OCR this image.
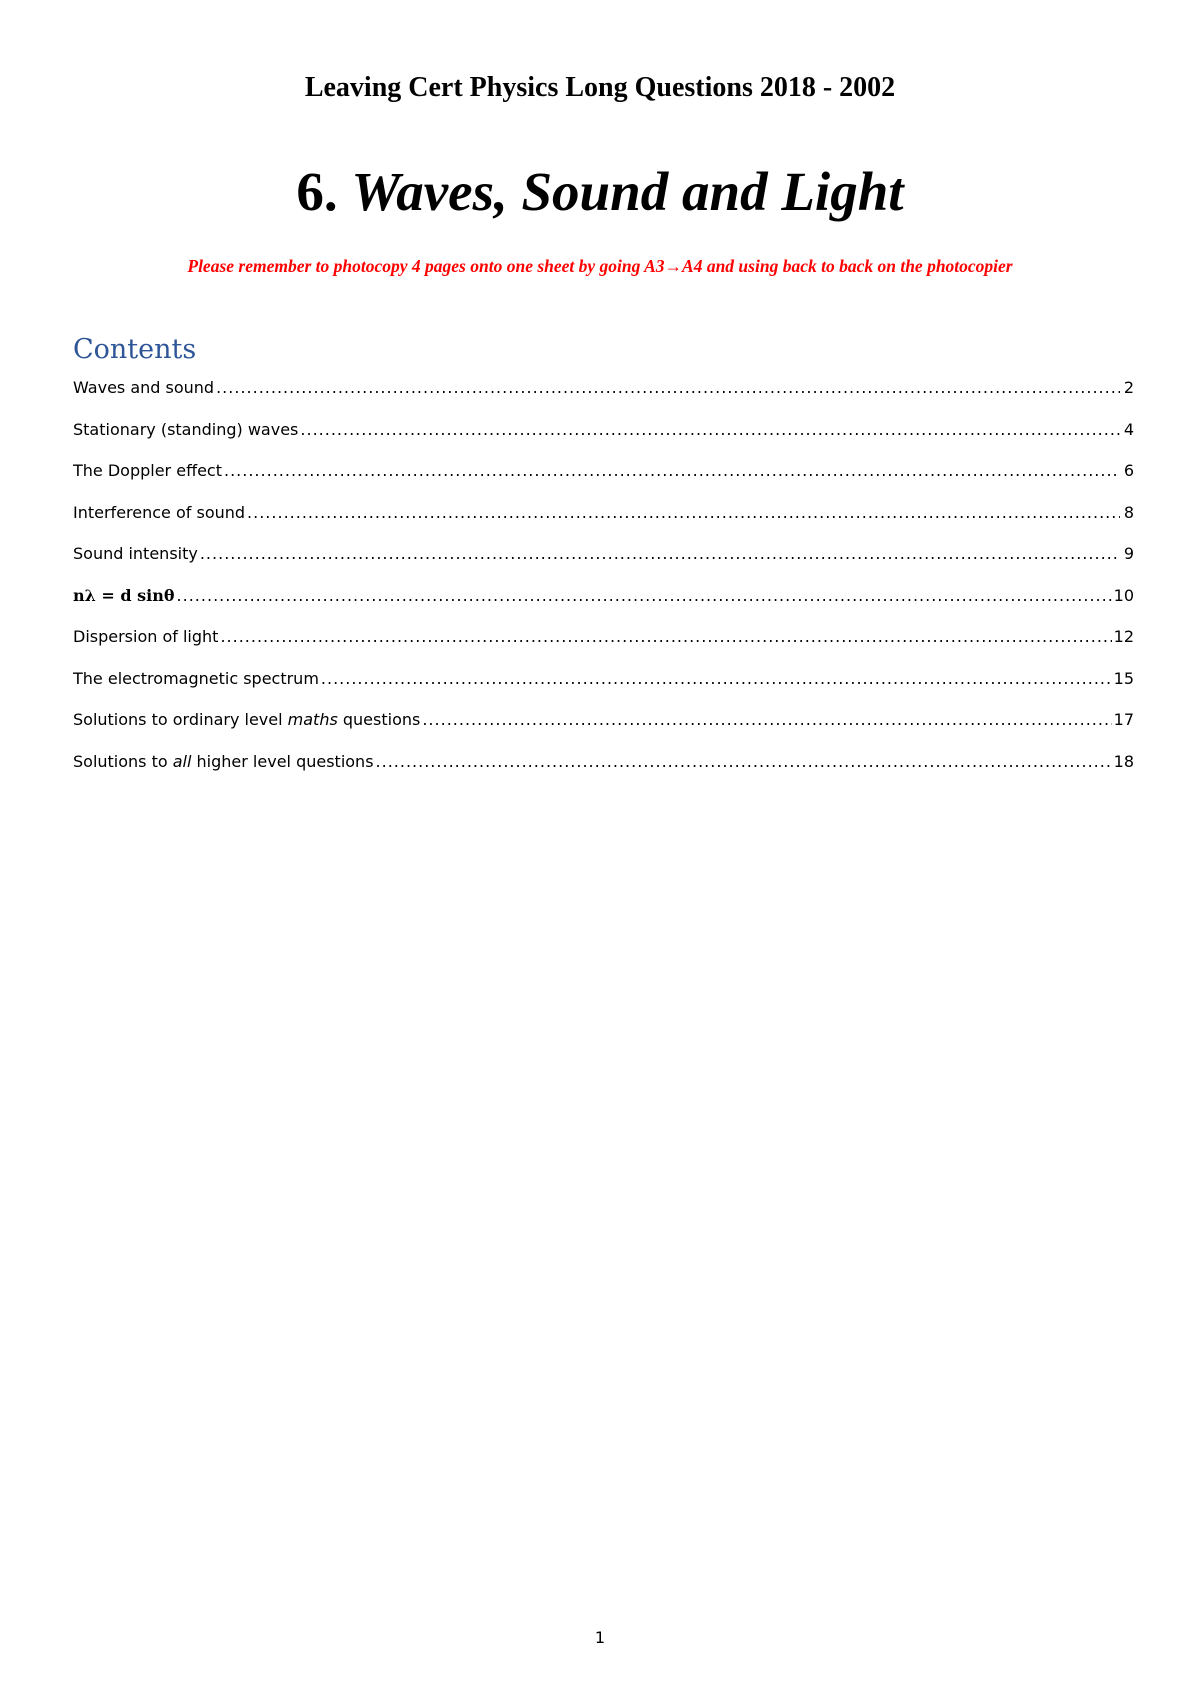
Leaving Cert Physics Long Questions 2018 - 2002
6. Waves, Sound and Light
Please remember to photocopy 4 pages onto one sheet by going A3→A4 and using back to back on the photocopier
Contents
Waves and sound .....	2
Stationary (standing) waves .....	4
The Doppler effect .....	6
Interference of sound .....	8
Sound intensity .....	9
nλ = d sinθ .....	10
Dispersion of light .....	12
The electromagnetic spectrum .....	15
Solutions to ordinary level maths questions .....	17
Solutions to all higher level questions .....	18
1
